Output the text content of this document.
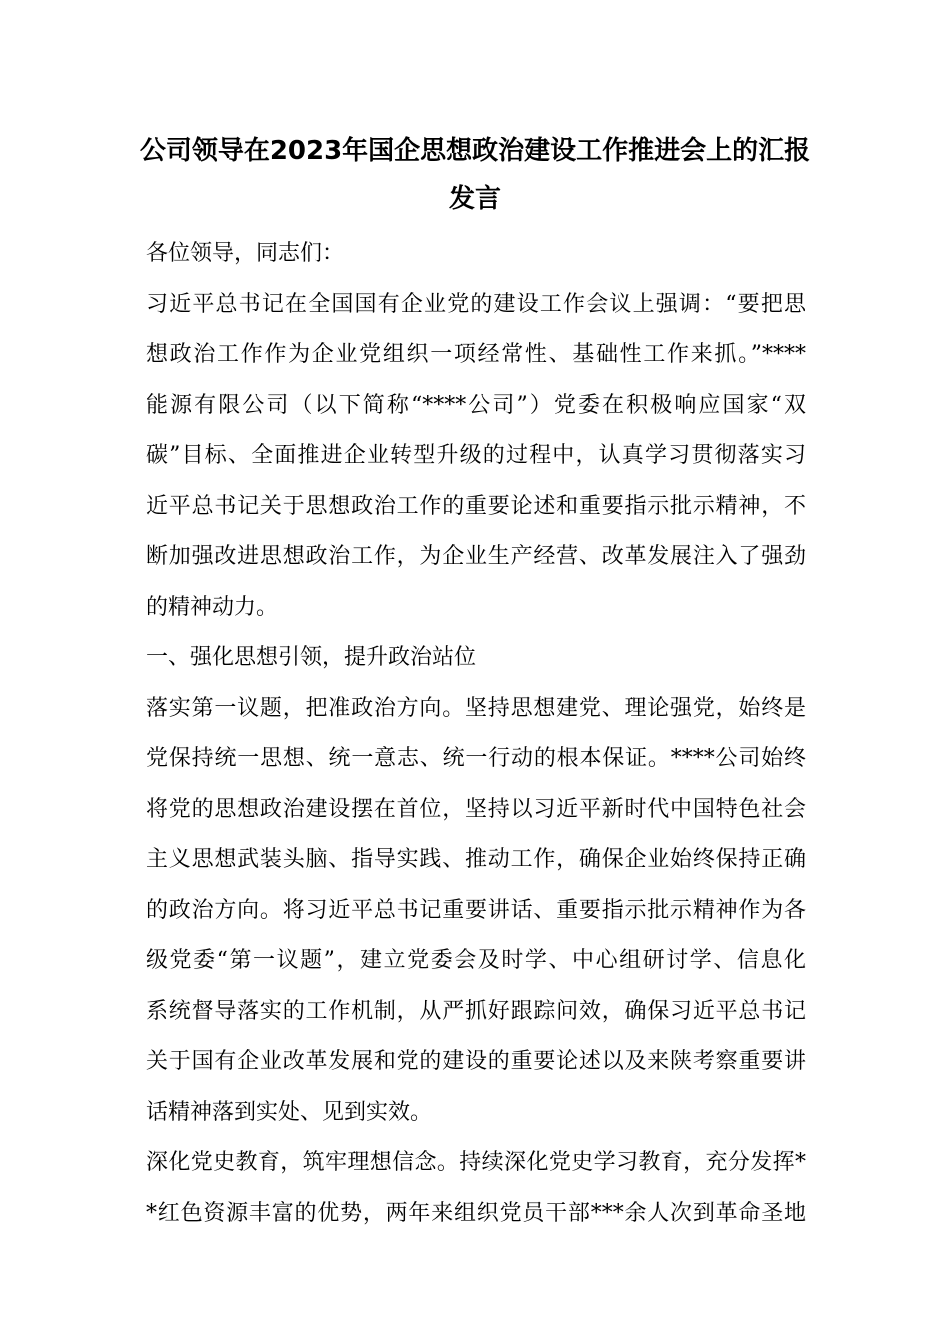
公司领导在2023年国企思想政治建设工作推进会上的汇报
发言
各位领导，同志们：
习近平总书记在全国国有企业党的建设工作会议上强调：“要把思
想政治工作作为企业党组织一项经常性、基础性工作来抓。”****
能源有限公司（以下简称“****公司”）党委在积极响应国家“双
碳”目标、全面推进企业转型升级的过程中，认真学习贯彻落实习
近平总书记关于思想政治工作的重要论述和重要指示批示精神，不
断加强改进思想政治工作，为企业生产经营、改革发展注入了强劲
的精神动力。
一、强化思想引领，提升政治站位
落实第一议题，把准政治方向。坚持思想建党、理论强党，始终是
党保持统一思想、统一意志、统一行动的根本保证。****公司始终
将党的思想政治建设摆在首位，坚持以习近平新时代中国特色社会
主义思想武装头脑、指导实践、推动工作，确保企业始终保持正确
的政治方向。将习近平总书记重要讲话、重要指示批示精神作为各
级党委“第一议题”，建立党委会及时学、中心组研讨学、信息化
系统督导落实的工作机制，从严抓好跟踪问效，确保习近平总书记
关于国有企业改革发展和党的建设的重要论述以及来陕考察重要讲
话精神落到实处、见到实效。
深化党史教育，筑牢理想信念。持续深化党史学习教育，充分发挥*
*红色资源丰富的优势，两年来组织党员干部***余人次到革命圣地
